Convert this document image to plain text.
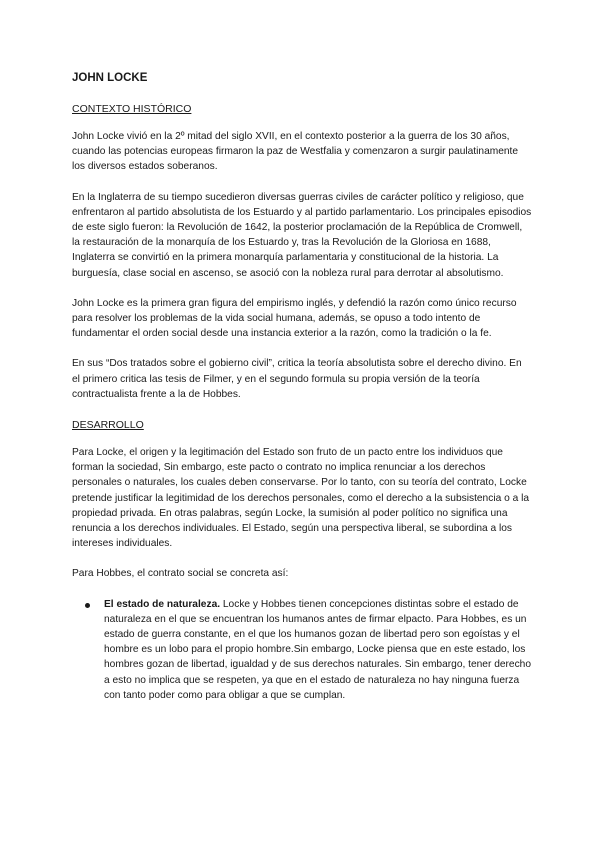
JOHN LOCKE
CONTEXTO HISTÓRICO

John Locke vivió en la 2º mitad del siglo XVII, en el contexto posterior a la guerra de los 30 años, cuando las potencias europeas firmaron la paz de Westfalia y comenzaron a surgir paulatinamente los diversos estados soberanos.

En la Inglaterra de su tiempo sucedieron diversas guerras civiles de carácter político y religioso, que enfrentaron al partido absolutista de los Estuardo y al partido parlamentario. Los principales episodios de este siglo fueron: la Revolución de 1642, la posterior proclamación de la República de Cromwell, la restauración de la monarquía de los Estuardo y, tras la Revolución de la Gloriosa en 1688, Inglaterra se convirtió en la primera monarquía parlamentaria y constitucional de la historia. La burguesía, clase social en ascenso, se asoció con la nobleza rural para derrotar al absolutismo.

John Locke es la primera gran figura del empirismo inglés, y defendió la razón como único recurso para resolver los problemas de la vida social humana, además, se opuso a todo intento de fundamentar el orden social desde una instancia exterior a la razón, como la tradición o la fe.

En sus “Dos tratados sobre el gobierno civil”, critica la teoría absolutista sobre el derecho divino. En el primero critica las tesis de Filmer, y en el segundo formula su propia versión de la teoría contractualista frente a la de Hobbes.

DESARROLLO

Para Locke, el origen y la legitimación del Estado son fruto de un pacto entre los individuos que forman la sociedad, Sin embargo, este pacto o contrato no implica renunciar a los derechos personales o naturales, los cuales deben conservarse. Por lo tanto, con su teoría del contrato, Locke pretende justificar la legitimidad de los derechos personales, como el derecho a la subsistencia o a la propiedad privada. En otras palabras, según Locke, la sumisión al poder político no significa una renuncia a los derechos individuales. El Estado, según una perspectiva liberal, se subordina a los intereses individuales.

Para Hobbes, el contrato social se concreta así:

El estado de naturaleza. Locke y Hobbes tienen concepciones distintas sobre el estado de naturaleza en el que se encuentran los humanos antes de firmar elpacto. Para Hobbes, es un estado de guerra constante, en el que los humanos gozan de libertad pero son egoístas y el hombre es un lobo para el propio hombre.Sin embargo, Locke piensa que en este estado, los hombres gozan de libertad, igualdad y de sus derechos naturales. Sin embargo, tener derecho a esto no implica que se respeten, ya que en el estado de naturaleza no hay ninguna fuerza con tanto poder como para obligar a que se cumplan.
